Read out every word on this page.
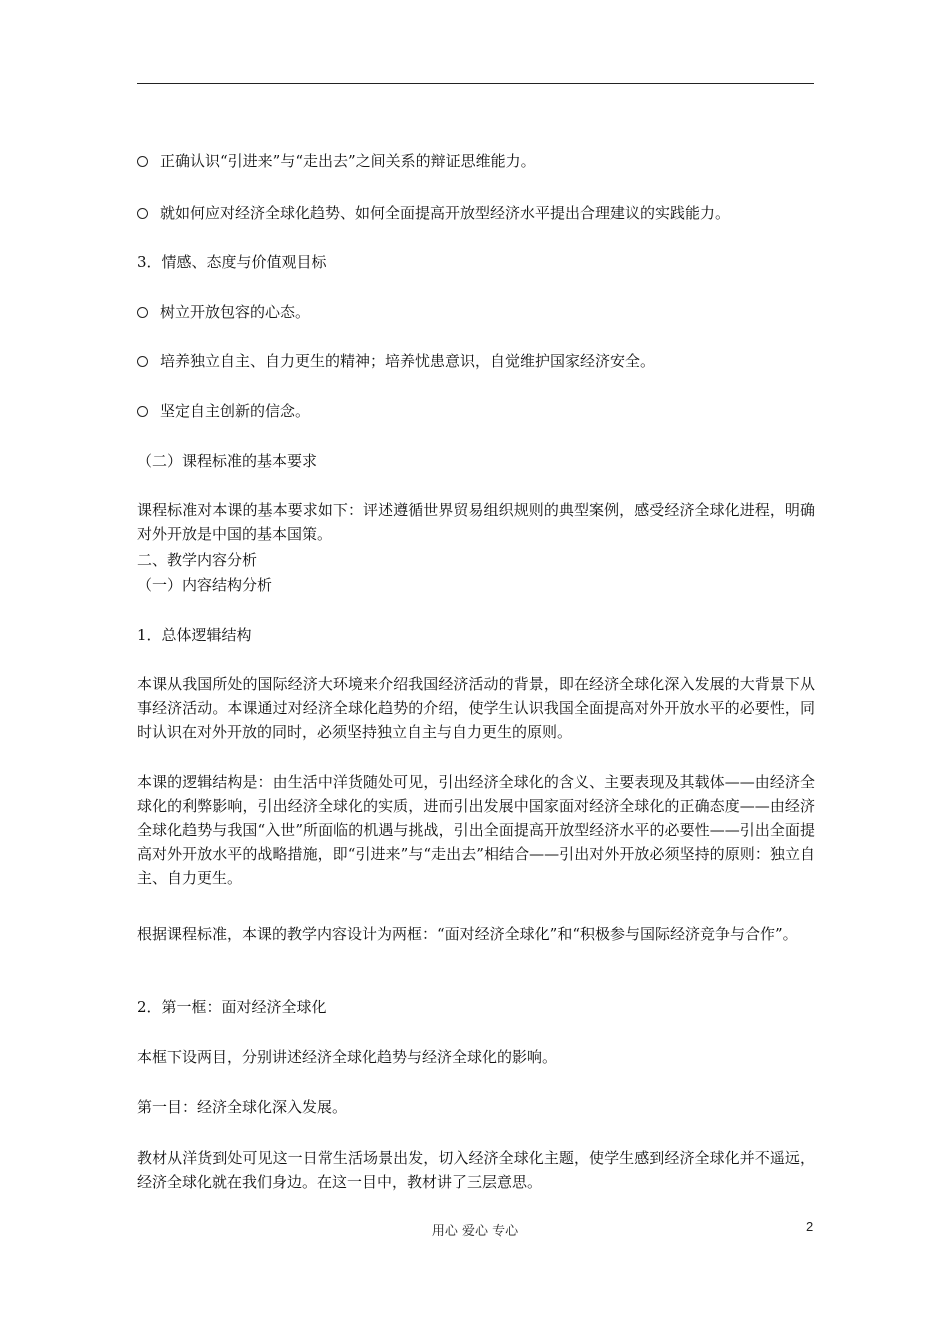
正确认识“引进来”与“走出去”之间关系的辩证思维能力。

就如何应对经济全球化趋势、如何全面提高开放型经济水平提出合理建议的实践能力。

3．情感、态度与价值观目标

树立开放包容的心态。

培养独立自主、自力更生的精神；培养忧患意识，自觉维护国家经济安全。

坚定自主创新的信念。

（二）课程标准的基本要求

课程标准对本课的基本要求如下：评述遵循世界贸易组织规则的典型案例，感受经济全球化进程，明确对外开放是中国的基本国策。

二、教学内容分析

（一）内容结构分析

1．总体逻辑结构

本课从我国所处的国际经济大环境来介绍我国经济活动的背景，即在经济全球化深入发展的大背景下从事经济活动。本课通过对经济全球化趋势的介绍，使学生认识我国全面提高对外开放水平的必要性，同时认识在对外开放的同时，必须坚持独立自主与自力更生的原则。

本课的逻辑结构是：由生活中洋货随处可见，引出经济全球化的含义、主要表现及其载体——由经济全球化的利弊影响，引出经济全球化的实质，进而引出发展中国家面对经济全球化的正确态度——由经济全球化趋势与我国“入世”所面临的机遇与挑战，引出全面提高开放型经济水平的必要性——引出全面提高对外开放水平的战略措施，即“引进来”与“走出去”相结合——引出对外开放必须坚持的原则：独立自主、自力更生。

根据课程标准，本课的教学内容设计为两框：“面对经济全球化”和“积极参与国际经济竞争与合作”。

2．第一框：面对经济全球化

本框下设两目，分别讲述经济全球化趋势与经济全球化的影响。

第一目：经济全球化深入发展。

教材从洋货到处可见这一日常生活场景出发，切入经济全球化主题，使学生感到经济全球化并不遥远，经济全球化就在我们身边。在这一目中，教材讲了三层意思。

用心 爱心 专心	2
